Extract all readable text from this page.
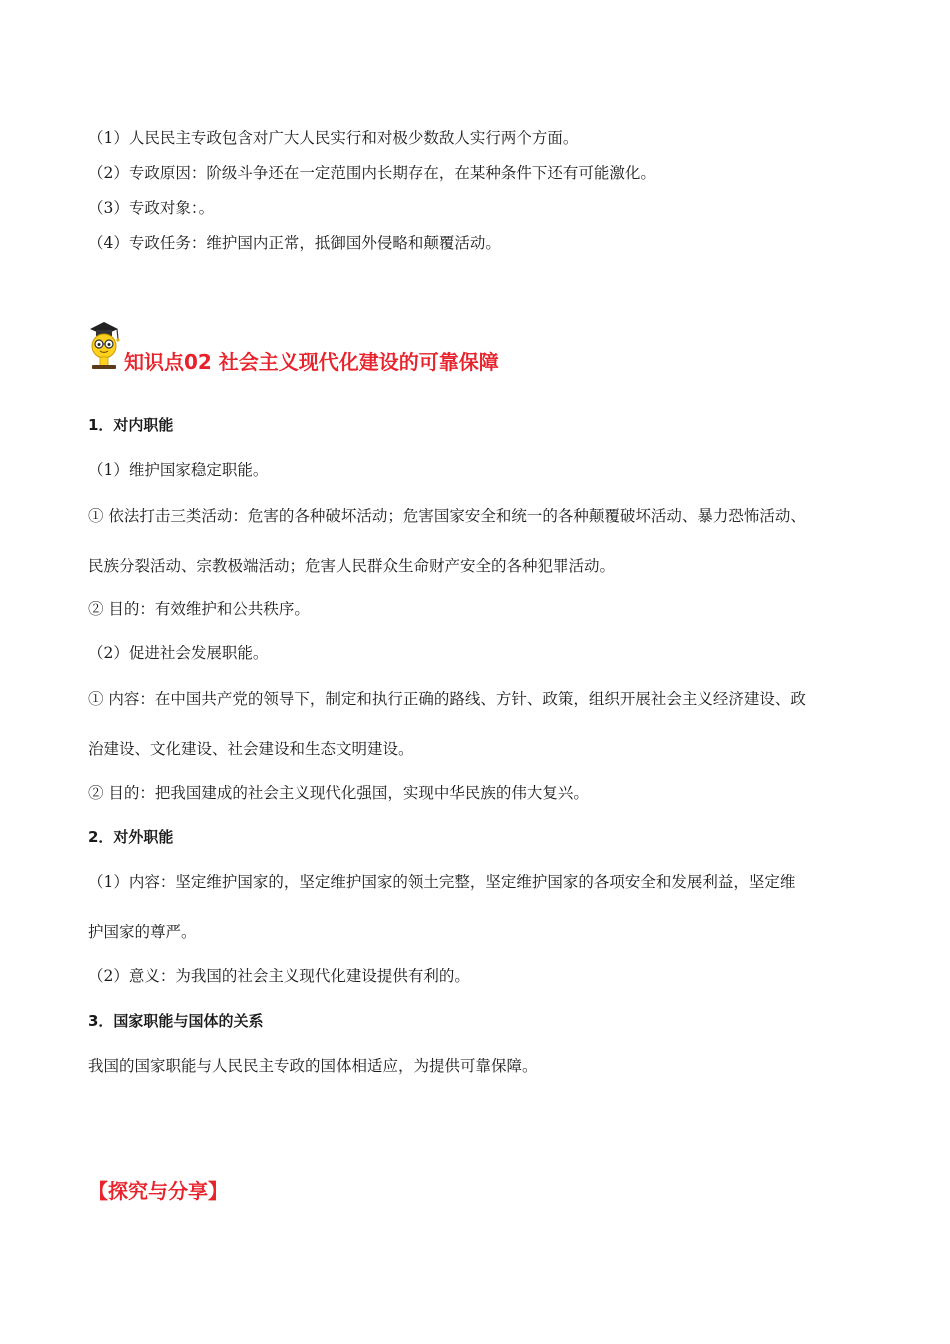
（1）人民民主专政包含对广大人民实行和对极少数敌人实行两个方面。
（2）专政原因：阶级斗争还在一定范围内长期存在，在某种条件下还有可能激化。
（3）专政对象：。
（4）专政任务：维护国内正常，抵御国外侵略和颠覆活动。
知识点02 社会主义现代化建设的可靠保障
1．对内职能
（1）维护国家稳定职能。
① 依法打击三类活动：危害的各种破坏活动；危害国家安全和统一的各种颠覆破坏活动、暴力恐怖活动、
民族分裂活动、宗教极端活动；危害人民群众生命财产安全的各种犯罪活动。
② 目的：有效维护和公共秩序。
（2）促进社会发展职能。
① 内容：在中国共产党的领导下，制定和执行正确的路线、方针、政策，组织开展社会主义经济建设、政
治建设、文化建设、社会建设和生态文明建设。
② 目的：把我国建成的社会主义现代化强国，实现中华民族的伟大复兴。
2．对外职能
（1）内容：坚定维护国家的，坚定维护国家的领土完整，坚定维护国家的各项安全和发展利益，坚定维
护国家的尊严。
（2）意义：为我国的社会主义现代化建设提供有利的。
3．国家职能与国体的关系
我国的国家职能与人民民主专政的国体相适应，为提供可靠保障。
【探究与分享】
